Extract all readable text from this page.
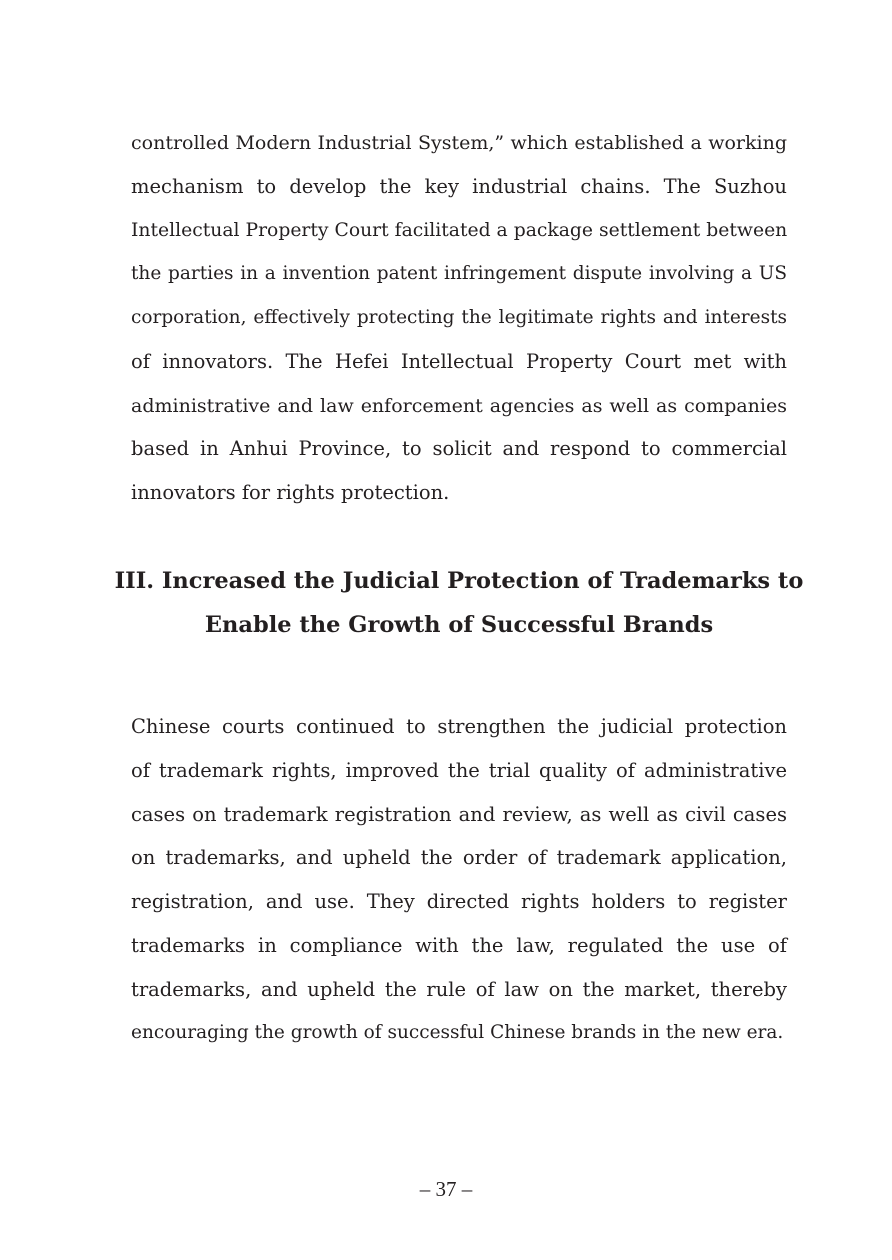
controlled Modern Industrial System,” which established a working
mechanism to develop the key industrial chains. The Suzhou
Intellectual Property Court facilitated a package settlement between
the parties in a invention patent infringement dispute involving a US
corporation, effectively protecting the legitimate rights and interests
of innovators. The Hefei Intellectual Property Court met with
administrative and law enforcement agencies as well as companies
based in Anhui Province, to solicit and respond to commercial
innovators for rights protection.
III. Increased the Judicial Protection of Trademarks to
Enable the Growth of Successful Brands
Chinese courts continued to strengthen the judicial protection
of trademark rights, improved the trial quality of administrative
cases on trademark registration and review, as well as civil cases
on trademarks, and upheld the order of trademark application,
registration, and use. They directed rights holders to register
trademarks in compliance with the law, regulated the use of
trademarks, and upheld the rule of law on the market, thereby
encouraging the growth of successful Chinese brands in the new era.
– 37 –
